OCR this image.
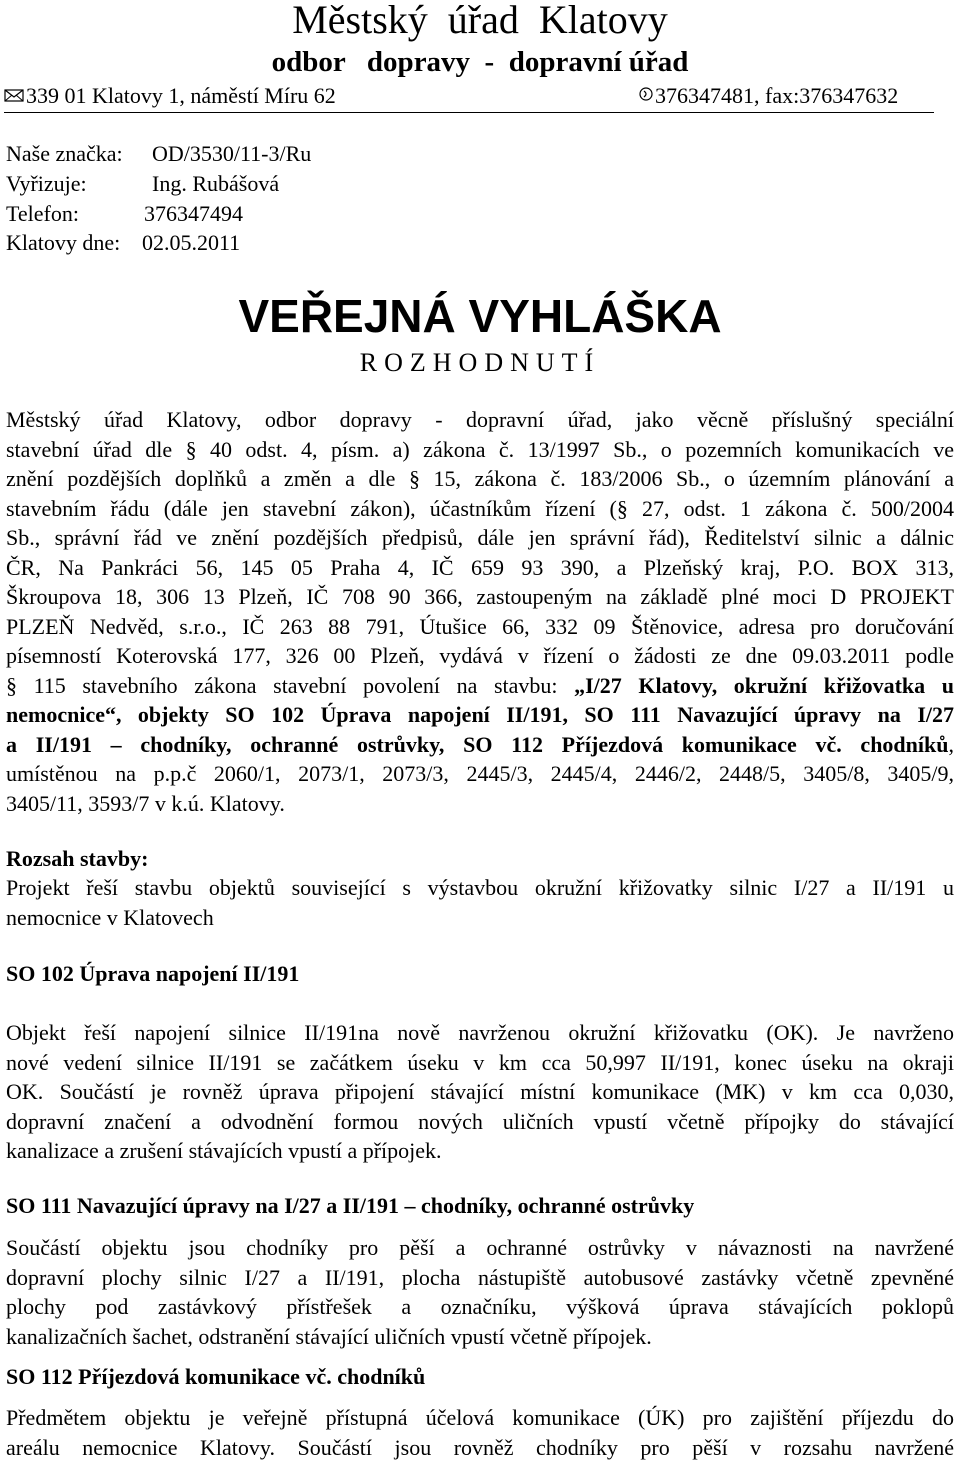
Městský  úřad  Klatovy
odbor   dopravy  -  dopravní úřad
339 01 Klatovy 1, náměstí Míru 62	376347481, fax:376347632
Naše značka: OD/3530/11-3/Ru
Vyřizuje:	Ing. Rubášová
Telefon:	376347494
Klatovy dne: 02.05.2011
VEŘEJNÁ VYHLÁŠKA
ROZHODNUTÍ
Městský úřad Klatovy, odbor dopravy - dopravní úřad, jako věcně příslušný speciální
stavební úřad dle § 40 odst. 4, písm. a) zákona č. 13/1997 Sb., o pozemních komunikacích ve
znění pozdějších doplňků a změn a dle § 15, zákona č. 183/2006 Sb., o územním plánování a
stavebním řádu (dále jen stavební zákon), účastníkům řízení (§ 27, odst. 1 zákona č. 500/2004
Sb., správní řád ve znění pozdějších předpisů, dále jen správní řád), Ředitelství silnic a dálnic
ČR, Na Pankráci 56, 145 05 Praha 4, IČ 659 93 390, a Plzeňský kraj, P.O. BOX 313,
Škroupova 18, 306 13 Plzeň, IČ 708 90 366, zastoupeným na základě plné moci D PROJEKT
PLZEŇ Nedvěd, s.r.o., IČ 263 88 791, Útušice 66, 332 09 Štěnovice, adresa pro doručování
písemností Koterovská 177, 326 00 Plzeň, vydává v řízení o žádosti ze dne 09.03.2011 podle
§ 115 stavebního zákona stavební povolení na stavbu: „I/27 Klatovy, okružní křižovatka u
nemocnice“, objekty SO 102 Úprava napojení II/191, SO 111 Navazující úpravy na I/27
a II/191 – chodníky, ochranné ostrůvky, SO 112 Příjezdová komunikace vč. chodníků,
umístěnou na p.p.č 2060/1, 2073/1, 2073/3, 2445/3, 2445/4, 2446/2, 2448/5, 3405/8, 3405/9,
3405/11, 3593/7 v k.ú. Klatovy.
Rozsah stavby:
Projekt řeší stavbu objektů související s výstavbou okružní křižovatky silnic I/27 a II/191 u
nemocnice v Klatovech
SO 102 Úprava napojení II/191
Objekt řeší napojení silnice II/191na nově navrženou okružní křižovatku (OK). Je navrženo
nové vedení silnice II/191 se začátkem úseku v km cca 50,997 II/191, konec úseku na okraji
OK. Součástí je rovněž úprava připojení stávající místní komunikace (MK) v km cca 0,030,
dopravní značení a odvodnění formou nových uličních vpustí včetně přípojky do stávající
kanalizace a zrušení stávajících vpustí a přípojek.
SO 111 Navazující úpravy na I/27 a II/191 – chodníky, ochranné ostrůvky
Součástí objektu jsou chodníky pro pěší a ochranné ostrůvky v návaznosti na navržené
dopravní plochy silnic I/27 a II/191, plocha nástupiště autobusové zastávky včetně zpevněné
plochy pod zastávkový přístřešek a označníku, výšková úprava stávajících poklopů
kanalizačních šachet, odstranění stávající uličních vpustí včetně přípojek.
SO 112 Příjezdová komunikace vč. chodníků
Předmětem objektu je veřejně přístupná účelová komunikace (ÚK) pro zajištění příjezdu do
areálu nemocnice Klatovy. Součástí jsou rovněž chodníky pro pěší v rozsahu navržené
